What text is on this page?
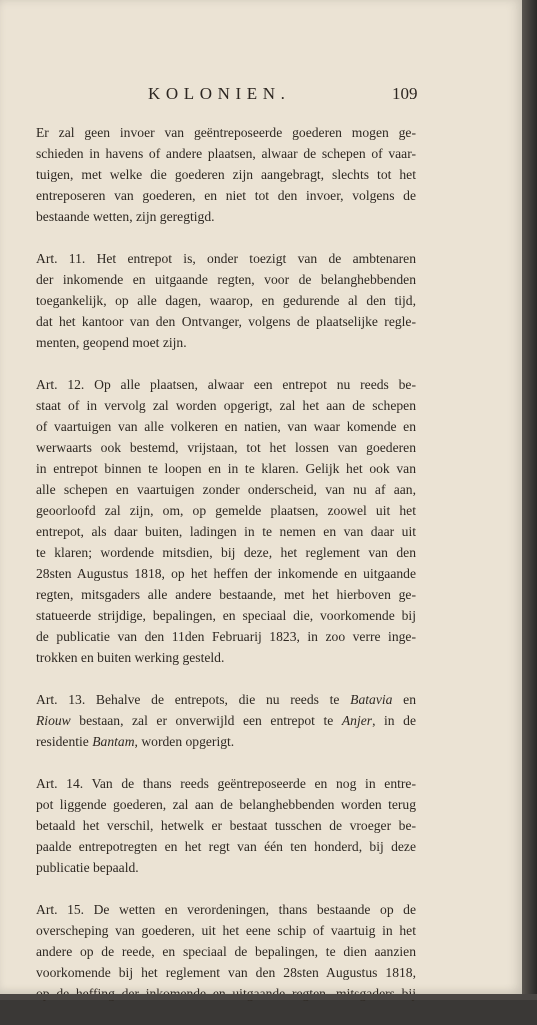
KOLONIEN.	109

Er zal geen invoer van geëntreposeerde goederen mogen ge-
schieden in havens of andere plaatsen, alwaar de schepen of vaar-
tuigen, met welke die goederen zijn aangebragt, slechts tot het
entreposeren van goederen, en niet tot den invoer, volgens de
bestaande wetten, zijn geregtigd.

Art. 11. Het entrepot is, onder toezigt van de ambtenaren
der inkomende en uitgaande regten, voor de belanghebbenden
toegankelijk, op alle dagen, waarop, en gedurende al den tijd,
dat het kantoor van den Ontvanger, volgens de plaatselijke regle-
menten, geopend moet zijn.

Art. 12. Op alle plaatsen, alwaar een entrepot nu reeds be-
staat of in vervolg zal worden opgerigt, zal het aan de schepen
of vaartuigen van alle volkeren en natien, van waar komende en
werwaarts ook bestemd, vrijstaan, tot het lossen van goederen
in entrepot binnen te loopen en in te klaren. Gelijk het ook van
alle schepen en vaartuigen zonder onderscheid, van nu af aan,
geoorloofd zal zijn, om, op gemelde plaatsen, zoowel uit het
entrepot, als daar buiten, ladingen in te nemen en van daar uit
te klaren; wordende mitsdien, bij deze, het reglement van den
28sten Augustus 1818, op het heffen der inkomende en uitgaande
regten, mitsgaders alle andere bestaande, met het hierboven ge-
statueerde strijdige, bepalingen, en speciaal die, voorkomende bij
de publicatie van den 11den Februarij 1823, in zoo verre inge-
trokken en buiten werking gesteld.

Art. 13. Behalve de entrepots, die nu reeds te Batavia en
Riouw bestaan, zal er onverwijld een entrepot te Anjer, in de
residentie Bantam, worden opgerigt.

Art. 14. Van de thans reeds geëntreposeerde en nog in entre-
pot liggende goederen, zal aan de belanghebbenden worden terug
betaald het verschil, hetwelk er bestaat tusschen de vroeger be-
paalde entrepotregten en het regt van één ten honderd, bij deze
publicatie bepaald.

Art. 15. De wetten en verordeningen, thans bestaande op de
overscheping van goederen, uit het eene schip of vaartuig in het
andere op de reede, en speciaal de bepalingen, te dien aanzien
voorkomende bij het reglement van den 28sten Augustus 1818,
